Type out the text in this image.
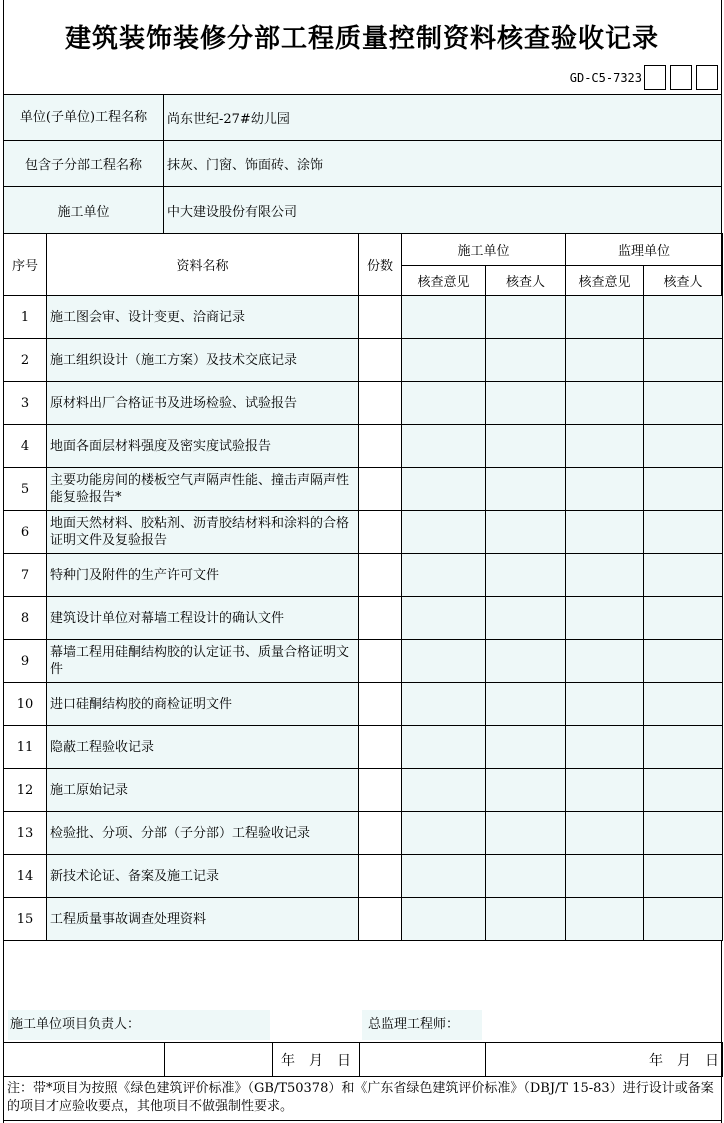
建筑装饰装修分部工程质量控制资料核查验收记录
GD-C5-7323
单位(子单位)工程名称	尚东世纪-27#幼儿园
包含子分部工程名称	抹灰、门窗、饰面砖、涂饰
施工单位	中大建设股份有限公司
序号	资料名称	份数	施工单位		监理单位	
			核查意见	核查人	核查意见	核查人
1	施工图会审、设计变更、洽商记录					
2	施工组织设计（施工方案）及技术交底记录					
3	原材料出厂合格证书及进场检验、试验报告					
4	地面各面层材料强度及密实度试验报告					
5	主要功能房间的楼板空气声隔声性能、撞击声隔声性能复验报告*					
6	地面天然材料、胶粘剂、沥青胶结材料和涂料的合格证明文件及复验报告					
7	特种门及附件的生产许可文件					
8	建筑设计单位对幕墙工程设计的确认文件					
9	幕墙工程用硅酮结构胶的认定证书、质量合格证明文件					
10	进口硅酮结构胶的商检证明文件					
11	隐蔽工程验收记录					
12	施工原始记录					
13	检验批、分项、分部（子分部）工程验收记录					
14	新技术论证、备案及施工记录					
15	工程质量事故调查处理资料					
施工单位项目负责人：	总监理工程师：
		年　月　日		年　月　日
注：带*项目为按照《绿色建筑评价标准》（GB/T50378）和《广东省绿色建筑评价标准》（DBJ/T 15-83）进行设计或备案的项目才应验收要点，其他项目不做强制性要求。
